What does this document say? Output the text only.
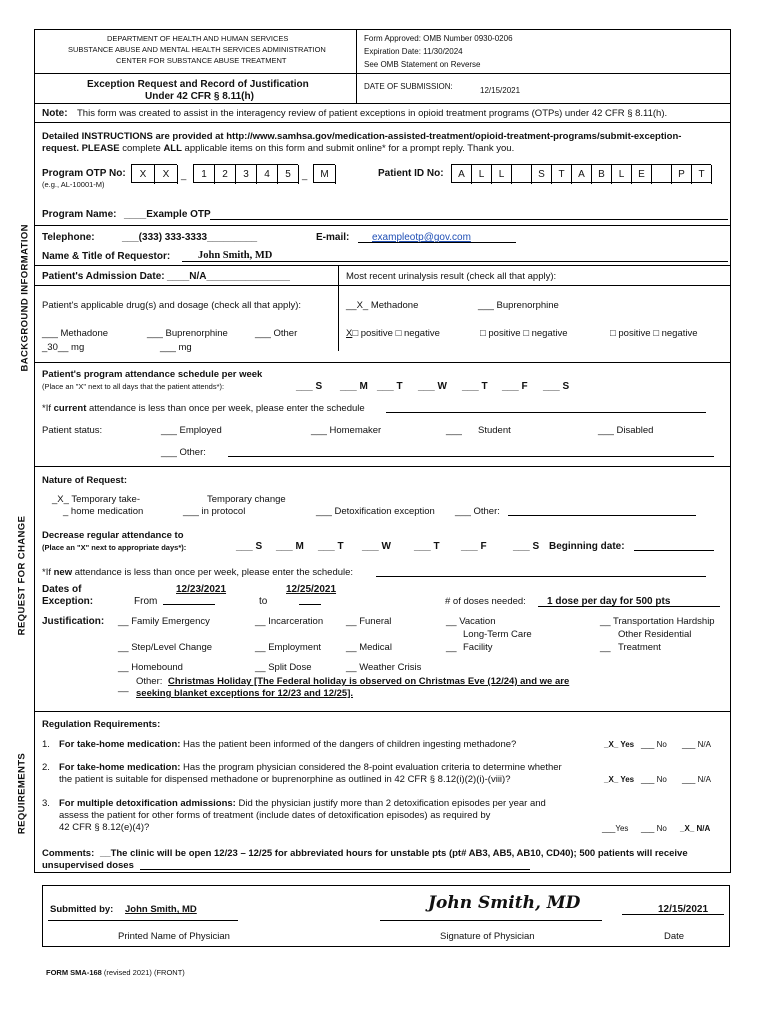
DEPARTMENT OF HEALTH AND HUMAN SERVICES
SUBSTANCE ABUSE AND MENTAL HEALTH SERVICES ADMINISTRATION
CENTER FOR SUBSTANCE ABUSE TREATMENT
Form Approved: OMB Number 0930-0206
Expiration Date: 11/30/2024
See OMB Statement on Reverse
Exception Request and Record of Justification
Under 42 CFR § 8.11(h)
DATE OF SUBMISSION:	12/15/2021
Note: This form was created to assist in the interagency review of patient exceptions in opioid treatment programs (OTPs) under 42 CFR § 8.11(h).
Detailed INSTRUCTIONS are provided at http://www.samhsa.gov/medication-assisted-treatment/opioid-treatment-programs/submit-exception-
request. PLEASE complete ALL applicable items on this form and submit online* for a prompt reply. Thank you.
Program OTP No:
(e.g., AL-10001-M)
X	X	_	1	2	3	4	5	_	M	Patient ID No:	A	L	L	S	T	A	B	L	E	P	T
BACKGROUND INFORMATION
Program Name: ____Example OTP
Telephone:	___(333) 333-3333_________	E-mail: exampleotp@gov.com
Name & Title of Requestor:	John Smith, MD
Patient's Admission Date: ____N/A_______________	Most recent urinalysis result (check all that apply):
Patient's applicable drug(s) and dosage (check all that apply):	__X_ Methadone	___ Buprenorphine
___ Methadone	___ Buprenorphine	___ Other
_30__ mg	___ mg
X□ positive □ negative	□ positive □ negative	□ positive □ negative
Patient's program attendance schedule per week
(Place an "X" next to all days that the patient attends*):	___ S ___ M ___ T ___ W ___ T ___ F ___ S
*If current attendance is less than once per week, please enter the schedule
Patient status:	___ Employed	___ Homemaker	___ Student	___ Disabled
___ Other:
REQUEST FOR CHANGE
Nature of Request:
_X_ Temporary take-
_ home medication
Temporary change
___ in protocol	___ Detoxification exception ___ Other:
Decrease regular attendance to
(Place an "X" next to appropriate days*):	___ S ___ M ___ T ___ W ___ T ___ F	___ S Beginning date:
*If new attendance is less than once per week, please enter the schedule:
Dates of
Exception:	From
12/23/2021
to
12/25/2021
# of doses needed: 1 dose per day for 500 pts
Justification: __ Family Emergency	__ Incarceration __ Funeral	__ Vacation	__ Transportation Hardship
Long-Term Care	Other Residential
__ Step/Level Change	__ Employment	__ Medical	__ Facility	__ Treatment
__ Homebound	__ Split Dose	__ Weather Crisis
Other: Christmas Holiday [The Federal holiday is observed on Christmas Eve (12/24) and we are
__
seeking blanket exceptions for 12/23 and 12/25].
REQUIREMENTS
Regulation Requirements:
1. For take-home medication: Has the patient been informed of the dangers of children ingesting methadone?	_X_ Yes ___ No ___ N/A
2. For take-home medication: Has the program physician considered the 8-point evaluation criteria to determine whether
the patient is suitable for dispensed methadone or buprenorphine as outlined in 42 CFR § 8.12(i)(2)(i)-(viii)?	_X_ Yes ___ No ___ N/A
3. For multiple detoxification admissions: Did the physician justify more than 2 detoxification episodes per year and
assess the patient for other forms of treatment (include dates of detoxification episodes) as required by
42 CFR § 8.12(e)(4)?	___Yes ___ No _X_ N/A
Comments: __The clinic will be open 12/23 – 12/25 for abbreviated hours for unstable pts (pt# AB3, AB5, AB10, CD40); 500 patients will receive
unsupervised doses
Submitted by: John Smith, MD
Printed Name of Physician
John Smith, MD
Signature of Physician
12/15/2021
Date
FORM SMA-168 (revised 2021) (FRONT)
